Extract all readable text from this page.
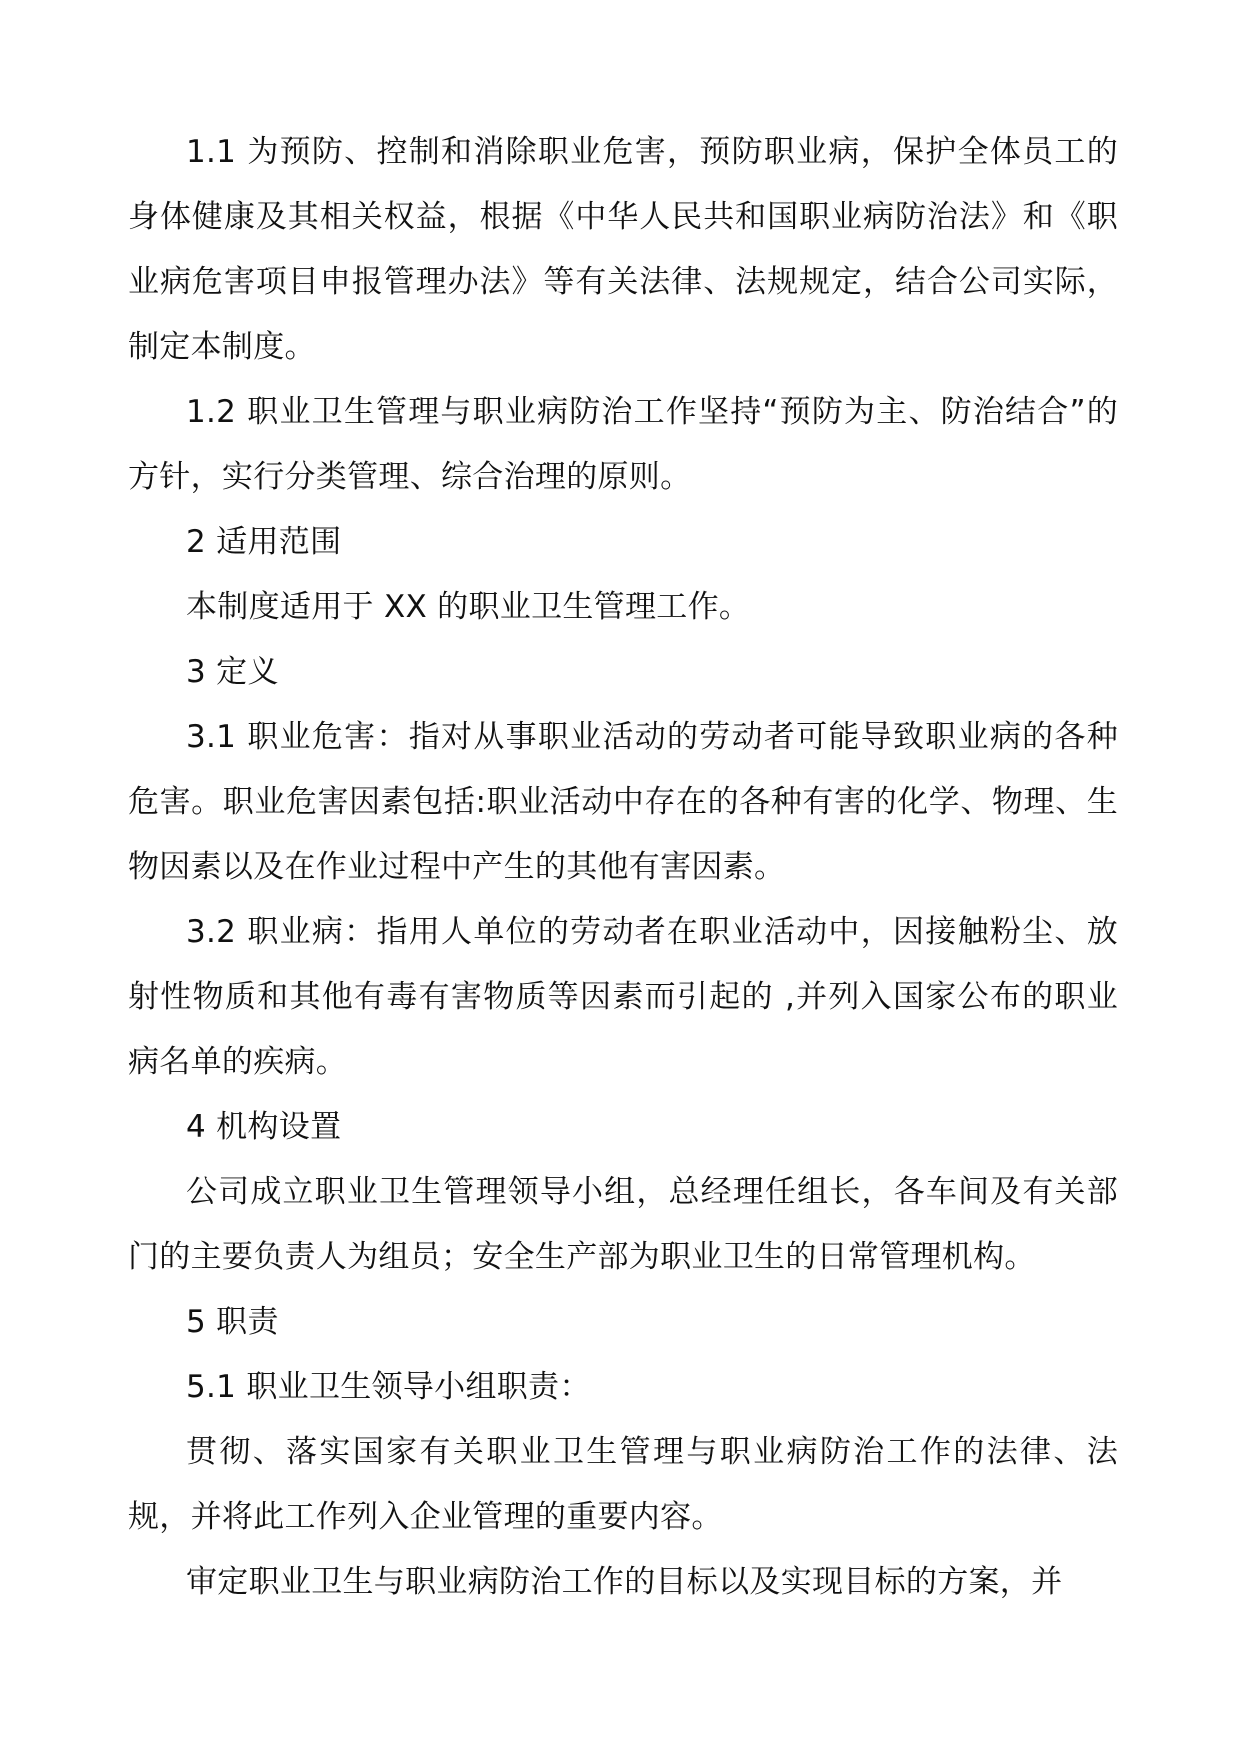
1.1 为预防、控制和消除职业危害，预防职业病，保护全体员工的身体健康及其相关权益，根据《中华人民共和国职业病防治法》和《职业病危害项目申报管理办法》等有关法律、法规规定，结合公司实际，制定本制度。

1.2 职业卫生管理与职业病防治工作坚持“预防为主、防治结合”的方针，实行分类管理、综合治理的原则。

2 适用范围

本制度适用于 XX 的职业卫生管理工作。

3 定义

3.1 职业危害：指对从事职业活动的劳动者可能导致职业病的各种危害。职业危害因素包括:职业活动中存在的各种有害的化学、物理、生物因素以及在作业过程中产生的其他有害因素。

3.2 职业病：指用人单位的劳动者在职业活动中，因接触粉尘、放射性物质和其他有毒有害物质等因素而引起的 ,并列入国家公布的职业病名单的疾病。

4 机构设置

公司成立职业卫生管理领导小组，总经理任组长，各车间及有关部门的主要负责人为组员；安全生产部为职业卫生的日常管理机构。

5 职责

5.1 职业卫生领导小组职责：

贯彻、落实国家有关职业卫生管理与职业病防治工作的法律、法规，并将此工作列入企业管理的重要内容。

审定职业卫生与职业病防治工作的目标以及实现目标的方案，并
